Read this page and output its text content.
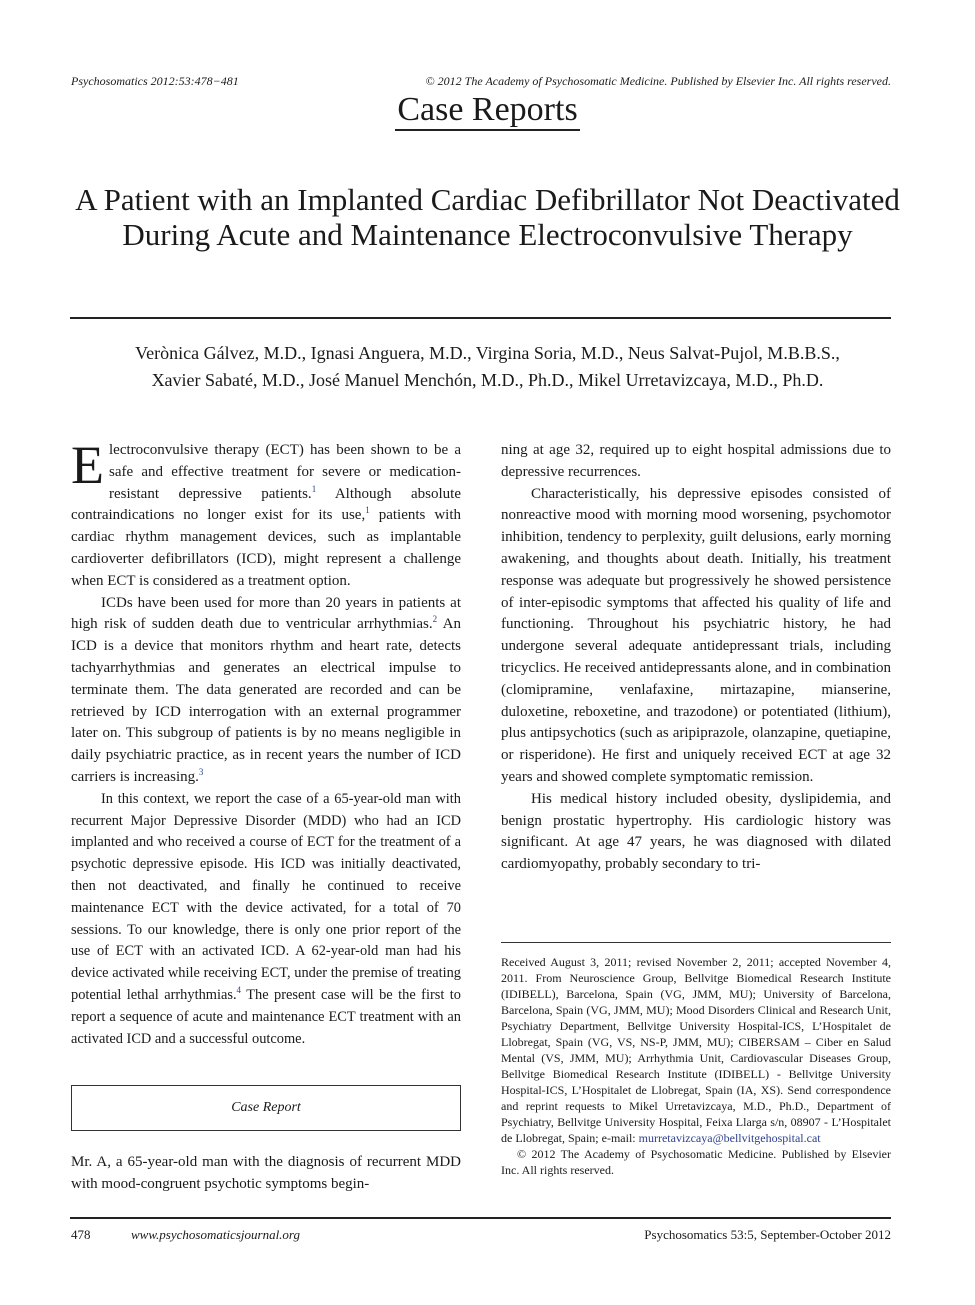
Psychosomatics 2012:53:478−481	© 2012 The Academy of Psychosomatic Medicine. Published by Elsevier Inc. All rights reserved.
Case Reports
A Patient with an Implanted Cardiac Defibrillator Not Deactivated During Acute and Maintenance Electroconvulsive Therapy
Verònica Gálvez, M.D., Ignasi Anguera, M.D., Virgina Soria, M.D., Neus Salvat-Pujol, M.B.B.S.,
Xavier Sabaté, M.D., José Manuel Menchón, M.D., Ph.D., Mikel Urretavizcaya, M.D., Ph.D.

Electroconvulsive therapy (ECT) has been shown to be a safe and effective treatment for severe or medication-resistant depressive patients.$^1$ Although absolute contraindications no longer exist for its use,$^1$ patients with cardiac rhythm management devices, such as implantable cardioverter defibrillators (ICD), might represent a challenge when ECT is considered as a treatment option.

ICDs have been used for more than 20 years in patients at high risk of sudden death due to ventricular arrhythmias.$^2$ An ICD is a device that monitors rhythm and heart rate, detects tachyarrhythmias and generates an electrical impulse to terminate them. The data generated are recorded and can be retrieved by ICD interrogation with an external programmer later on. This subgroup of patients is by no means negligible in daily psychiatric practice, as in recent years the number of ICD carriers is increasing.$^3$

In this context, we report the case of a 65-year-old man with recurrent Major Depressive Disorder (MDD) who had an ICD implanted and who received a course of ECT for the treatment of a psychotic depressive episode. His ICD was initially deactivated, then not deactivated, and finally he continued to receive maintenance ECT with the device activated, for a total of 70 sessions. To our knowledge, there is only one prior report of the use of ECT with an activated ICD. A 62-year-old man had his device activated while receiving ECT, under the premise of treating potential lethal arrhythmias.$^4$ The present case will be the first to report a sequence of acute and maintenance ECT treatment with an activated ICD and a successful outcome.

Case Report

Mr. A, a 65-year-old man with the diagnosis of recurrent MDD with mood-congruent psychotic symptoms begin-

ning at age 32, required up to eight hospital admissions due to depressive recurrences.

Characteristically, his depressive episodes consisted of nonreactive mood with morning mood worsening, psychomotor inhibition, tendency to perplexity, guilt delusions, early morning awakening, and thoughts about death. Initially, his treatment response was adequate but progressively he showed persistence of inter-episodic symptoms that affected his quality of life and functioning. Throughout his psychiatric history, he had undergone several adequate antidepressant trials, including tricyclics. He received antidepressants alone, and in combination (clomipramine, venlafaxine, mirtazapine, mianserine, duloxetine, reboxetine, and trazodone) or potentiated (lithium), plus antipsychotics (such as aripiprazole, olanzapine, quetiapine, or risperidone). He first and uniquely received ECT at age 32 years and showed complete symptomatic remission.

His medical history included obesity, dyslipidemia, and benign prostatic hypertrophy. His cardiologic history was significant. At age 47 years, he was diagnosed with dilated cardiomyopathy, probably secondary to tri-

Received August 3, 2011; revised November 2, 2011; accepted November 4, 2011. From Neuroscience Group, Bellvitge Biomedical Research Institute (IDIBELL), Barcelona, Spain (VG, JMM, MU); University of Barcelona, Barcelona, Spain (VG, JMM, MU); Mood Disorders Clinical and Research Unit, Psychiatry Department, Bellvitge University Hospital-ICS, L’Hospitalet de Llobregat, Spain (VG, VS, NS-P, JMM, MU); CIBERSAM – Ciber en Salud Mental (VS, JMM, MU); Arrhythmia Unit, Cardiovascular Diseases Group, Bellvitge Biomedical Research Institute (IDIBELL) - Bellvitge University Hospital-ICS, L’Hospitalet de Llobregat, Spain (IA, XS). Send correspondence and reprint requests to Mikel Urretavizcaya, M.D., Ph.D., Department of Psychiatry, Bellvitge University Hospital, Feixa Llarga s/n, 08907 - L’Hospitalet de Llobregat, Spain; e-mail: murretavizcaya@bellvitgehospital.cat

© 2012 The Academy of Psychosomatic Medicine. Published by Elsevier Inc. All rights reserved.

478	www.psychosomaticsjournal.org	Psychosomatics 53:5, September-October 2012
